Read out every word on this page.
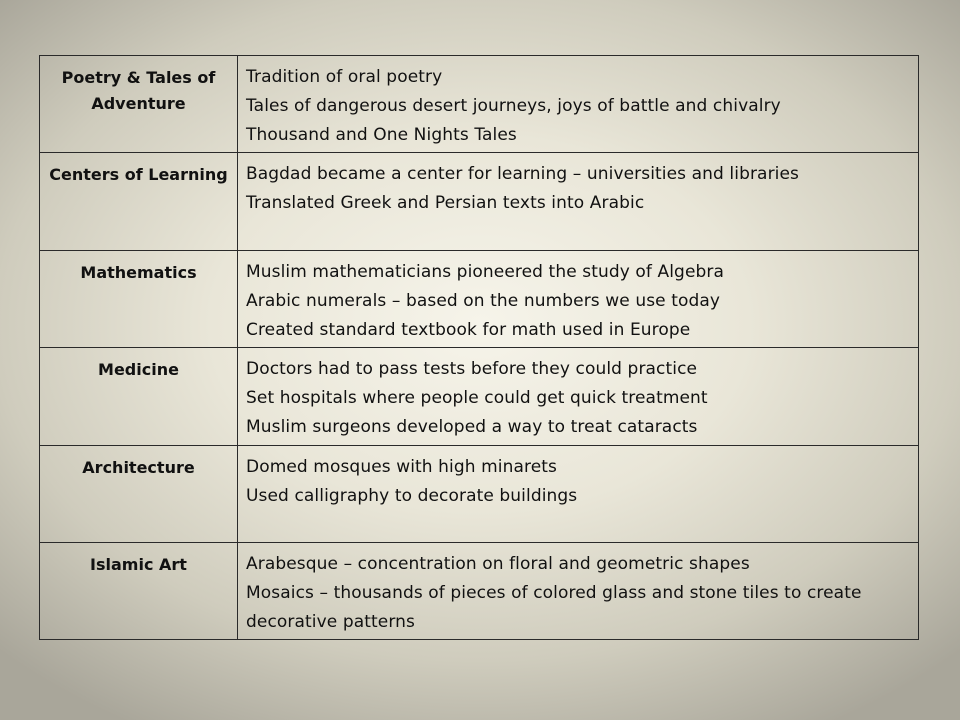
Poetry & Tales of Adventure	Tradition of oral poetry
Tales of dangerous desert journeys, joys of battle and chivalry
Thousand and One Nights Tales

Centers of Learning	Bagdad became a center for learning – universities and libraries
Translated Greek and Persian texts into Arabic

Mathematics	Muslim mathematicians pioneered the study of Algebra
Arabic numerals – based on the numbers we use today
Created standard textbook for math used in Europe

Medicine	Doctors had to pass tests before they could practice
Set hospitals where people could get quick treatment
Muslim surgeons developed a way to treat cataracts

Architecture	Domed mosques with high minarets
Used calligraphy to decorate buildings

Islamic Art	Arabesque – concentration on floral and geometric shapes
Mosaics – thousands of pieces of colored glass and stone tiles to create decorative patterns
